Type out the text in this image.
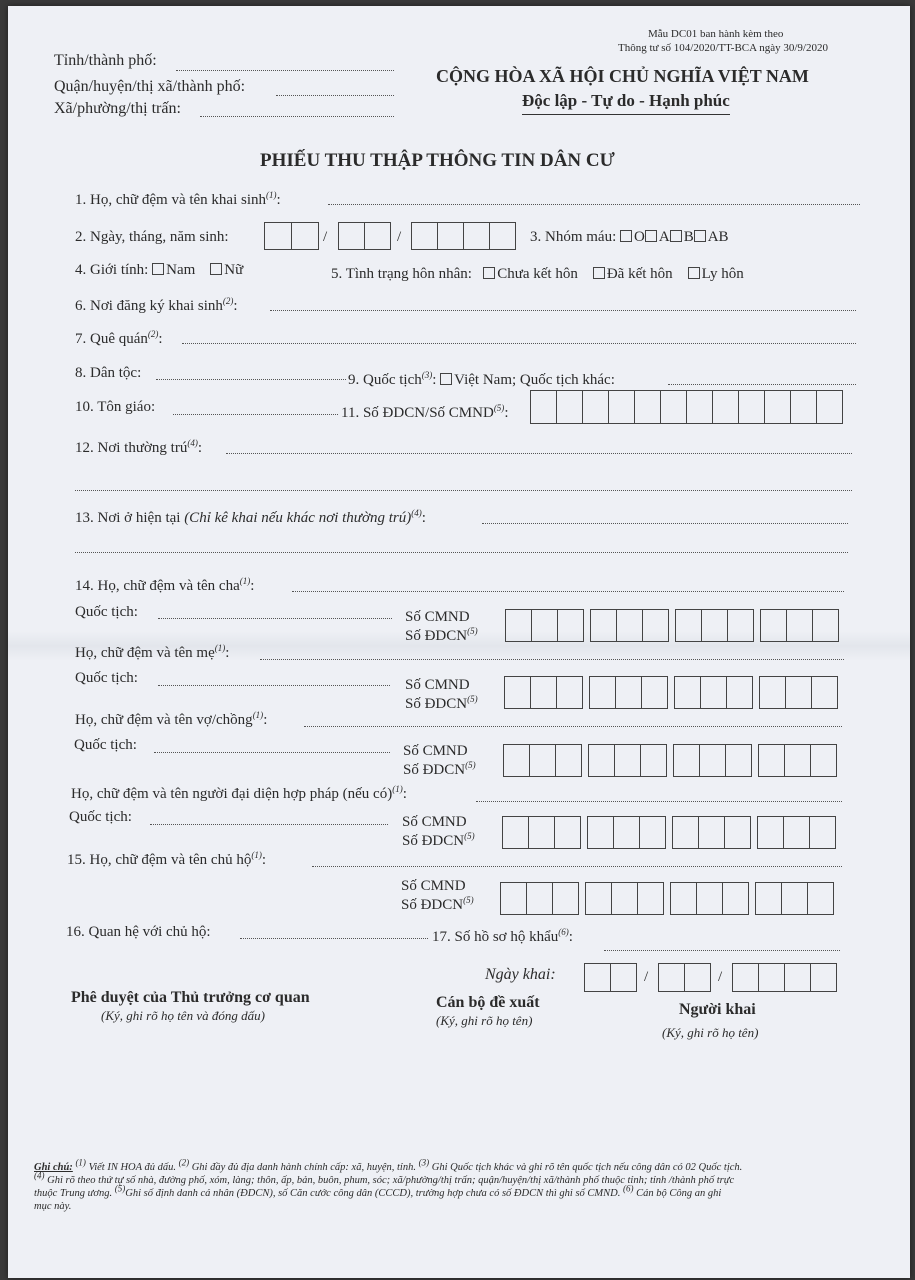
Mẫu DC01 ban hành kèm theo
Thông tư số 104/2020/TT-BCA ngày 30/9/2020
Tỉnh/thành phố:
Quận/huyện/thị xã/thành phố:
Xã/phường/thị trấn:
CỘNG HÒA XÃ HỘI CHỦ NGHĨA VIỆT NAM
Độc lập - Tự do - Hạnh phúc
PHIẾU THU THẬP THÔNG TIN DÂN CƯ
1. Họ, chữ đệm và tên khai $\sinh^{(1)}$:
2. Ngày, tháng, năm sinh:	/	/	3. Nhóm máu: O A B AB
4. Giới tính: Nam Nữ	5. Tình trạng hôn nhân: Chưa kết hôn Đã kết hôn Ly hôn
6. Nơi đăng ký khai $\sinh^{(2)}$:
7. Quê quán$^{(2)}$:
8. Dân tộc:	9. Quốc tịch$^{(3)}$: Việt Nam; Quốc tịch khác:
10. Tôn giáo:	11. Số ĐDCN/Số CMND$^{(5)}$:
12. Nơi thường trú$^{(4)}$:
13. Nơi ở hiện tại (Chỉ kê khai nếu khác nơi thường trú)$^{(4)}$:
14. Họ, chữ đệm và tên cha$^{(1)}$:
Quốc tịch:	Số CMND
Số ĐDCN$^{(5)}$
Họ, chữ đệm và tên mẹ$^{(1)}$:
Quốc tịch:	Số CMND
Số ĐDCN$^{(5)}$
Họ, chữ đệm và tên vợ/chồng$^{(1)}$:
Quốc tịch:	Số CMND
Số ĐDCN$^{(5)}$
Họ, chữ đệm và tên người đại diện hợp pháp (nếu có)$^{(1)}$:
Quốc tịch:	Số CMND
Số ĐDCN$^{(5)}$
15. Họ, chữ đệm và tên chủ hộ$^{(1)}$:
Số CMND
Số ĐDCN$^{(5)}$
16. Quan hệ với chủ hộ:	17. Số hồ sơ hộ khẩu$^{(6)}$:
Ngày khai:	/	/
Phê duyệt của Thủ trưởng cơ quan
(Ký, ghi rõ họ tên và đóng dấu)
Cán bộ đề xuất
(Ký, ghi rõ họ tên)
Người khai
(Ký, ghi rõ họ tên)
Ghi chú: $^{(1)}$ Viết IN HOA đủ dấu. $^{(2)}$ Ghi đầy đủ địa danh hành chính cấp: xã, huyện, tỉnh. $^{(3)}$ Ghi Quốc tịch khác và ghi rõ tên quốc tịch nếu công dân có 02 Quốc tịch.
$^{(4)}$ Ghi rõ theo thứ tự số nhà, đường phố, xóm, làng; thôn, ấp, bản, buôn, phum, sóc; xã/phường/thị trấn; quận/huyện/thị xã/thành phố thuộc tỉnh; tỉnh /thành phố trực
thuộc Trung ương. $^{(5)}$Ghi số định danh cá nhân (ĐDCN), số Căn cước công dân (CCCD), trường hợp chưa có số ĐDCN thì ghi số CMND. $^{(6)}$ Cán bộ Công an ghi
mục này.
